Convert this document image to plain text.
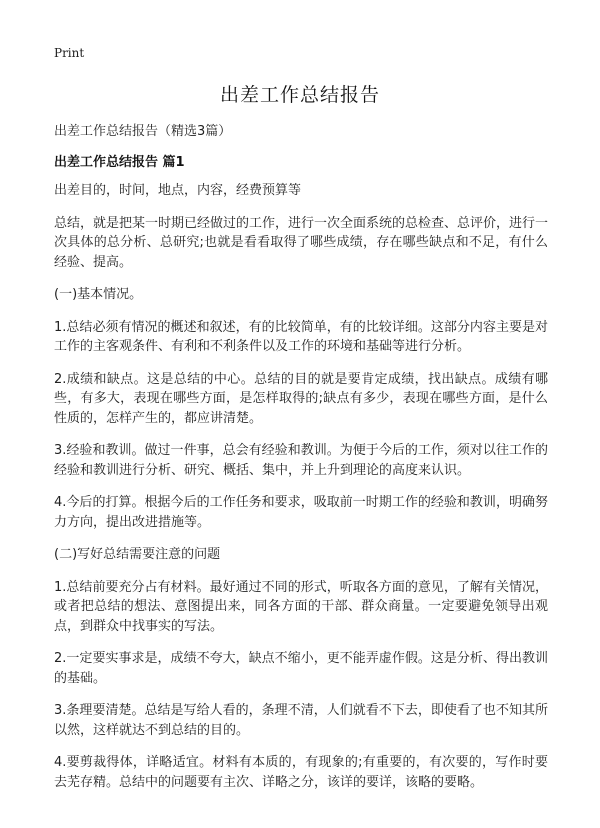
Print
出差工作总结报告
出差工作总结报告（精选3篇）
出差工作总结报告 篇1

出差目的，时间，地点，内容，经费预算等

总结，就是把某一时期已经做过的工作，进行一次全面系统的总检查、总评价，进行一次具体的总分析、总研究;也就是看看取得了哪些成绩，存在哪些缺点和不足，有什么经验、提高。

(一)基本情况。

1.总结必须有情况的概述和叙述，有的比较简单，有的比较详细。这部分内容主要是对工作的主客观条件、有利和不利条件以及工作的环境和基础等进行分析。

2.成绩和缺点。这是总结的中心。总结的目的就是要肯定成绩，找出缺点。成绩有哪些，有多大，表现在哪些方面，是怎样取得的;缺点有多少，表现在哪些方面，是什么性质的，怎样产生的，都应讲清楚。

3.经验和教训。做过一件事，总会有经验和教训。为便于今后的工作，须对以往工作的经验和教训进行分析、研究、概括、集中，并上升到理论的高度来认识。

4.今后的打算。根据今后的工作任务和要求，吸取前一时期工作的经验和教训，明确努力方向，提出改进措施等。

(二)写好总结需要注意的问题

1.总结前要充分占有材料。最好通过不同的形式，听取各方面的意见，了解有关情况，或者把总结的想法、意图提出来，同各方面的干部、群众商量。一定要避免领导出观点，到群众中找事实的写法。

2.一定要实事求是，成绩不夸大，缺点不缩小，更不能弄虚作假。这是分析、得出教训的基础。

3.条理要清楚。总结是写给人看的，条理不清，人们就看不下去，即使看了也不知其所以然，这样就达不到总结的目的。

4.要剪裁得体，详略适宜。材料有本质的，有现象的;有重要的，有次要的，写作时要去芜存精。总结中的问题要有主次、详略之分，该详的要详，该略的要略。
